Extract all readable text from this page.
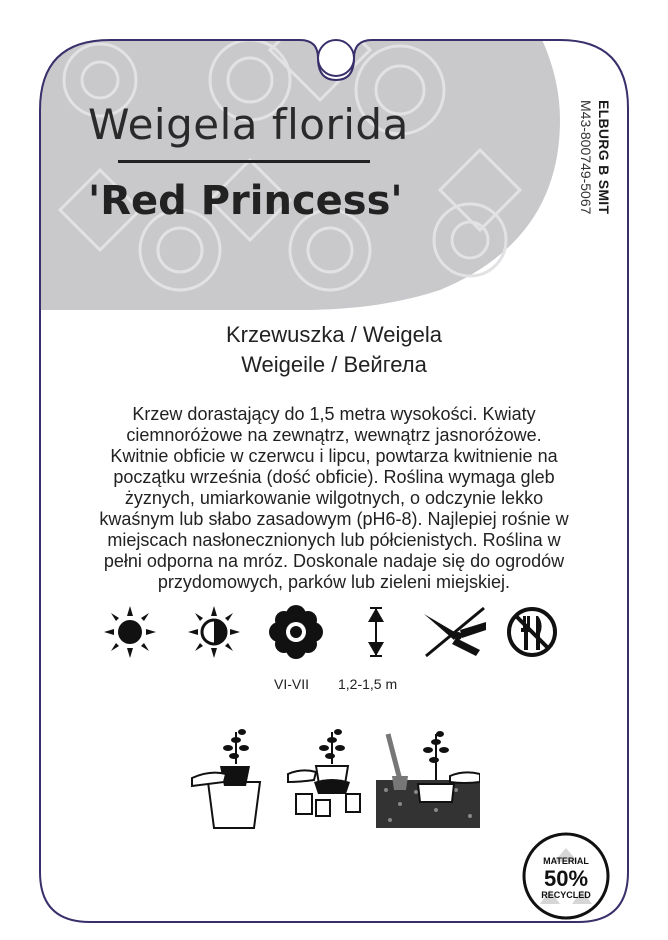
Weigela florida
'Red Princess'	ELBURG B SMIT
M43-800749-5067
Krzewuszka / Weigela
Weigeile / Вейгела
Krzew dorastający do 1,5 metra wysokości. Kwiaty
ciemnoróżowe na zewnątrz, wewnątrz jasnoróżowe.
Kwitnie obficie w czerwcu i lipcu, powtarza kwitnienie na
początku września (dość obficie). Roślina wymaga gleb
żyznych, umiarkowanie wilgotnych, o odczynie lekko
kwaśnym lub słabo zasadowym (pH6-8). Najlepiej rośnie w
miejscach nasłonecznionych lub półcienistych. Roślina w
pełni odporna na mróz. Doskonale nadaje się do ogrodów
przydomowych, parków lub zieleni miejskiej.
VI-VII 1,2-1,5 m
MATERIAL
50%
RECYCLED
